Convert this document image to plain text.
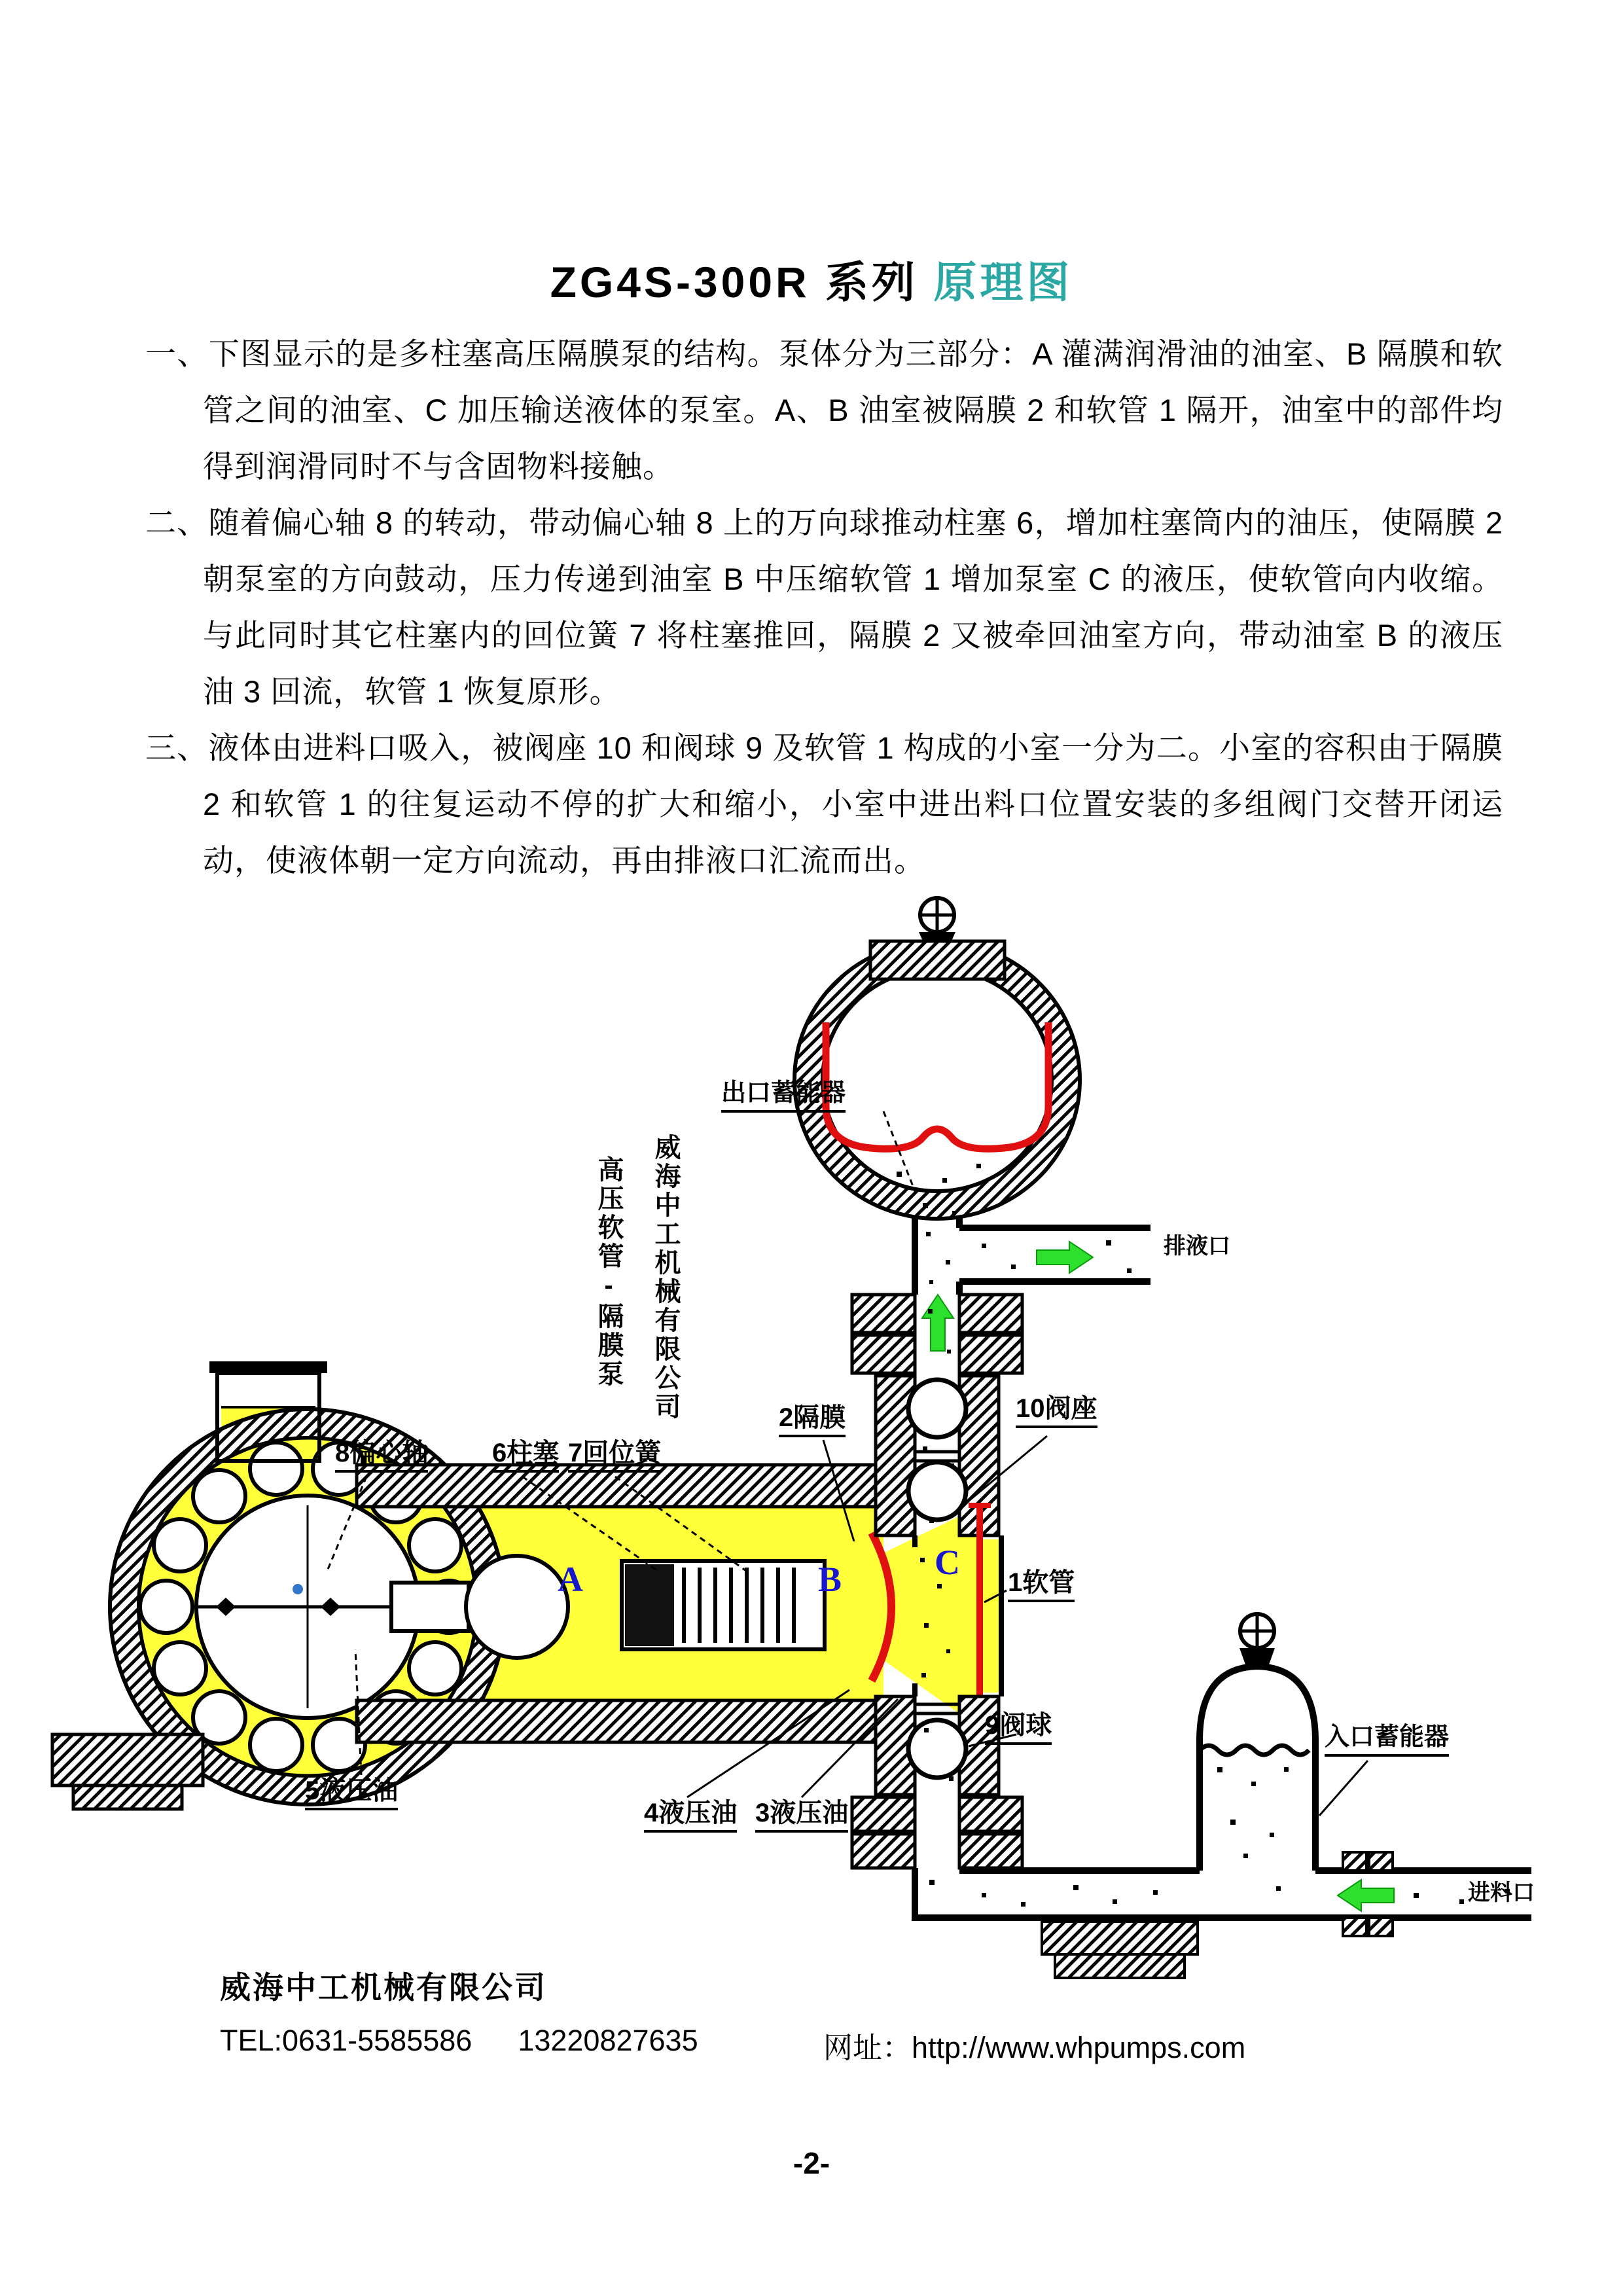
ZG4S-300R 系列 原理图

一、下图显示的是多柱塞高压隔膜泵的结构。泵体分为三部分：A 灌满润滑油的油室、B 隔膜和软管之间的油室、C 加压输送液体的泵室。A、B 油室被隔膜 2 和软管 1 隔开，油室中的部件均得到润滑同时不与含固物料接触。

二、随着偏心轴 8 的转动，带动偏心轴 8 上的万向球推动柱塞 6，增加柱塞筒内的油压，使隔膜 2 朝泵室的方向鼓动，压力传递到油室 B 中压缩软管 1 增加泵室 C 的液压，使软管向内收缩。与此同时其它柱塞内的回位簧 7 将柱塞推回，隔膜 2 又被牵回油室方向，带动油室 B 的液压油 3 回流，软管 1 恢复原形。

三、液体由进料口吸入，被阀座 10 和阀球 9 及软管 1 构成的小室一分为二。小室的容积由于隔膜 2 和软管 1 的往复运动不停的扩大和缩小，小室中进出料口位置安装的多组阀门交替开闭运动，使液体朝一定方向流动，再由排液口汇流而出。

威海中工机械有限公司
高压软管-隔膜泵
出口蓄能器
排液口
8偏心轴 6柱塞 7回位簧
2隔膜	10阀座
1软管
5液压油
4液压油 3液压油
9阀球	入口蓄能器
进料口
A	B	C
威海中工机械有限公司
TEL:0631-5585586 13220827635	网址：http://www.whpumps.com
-2-
